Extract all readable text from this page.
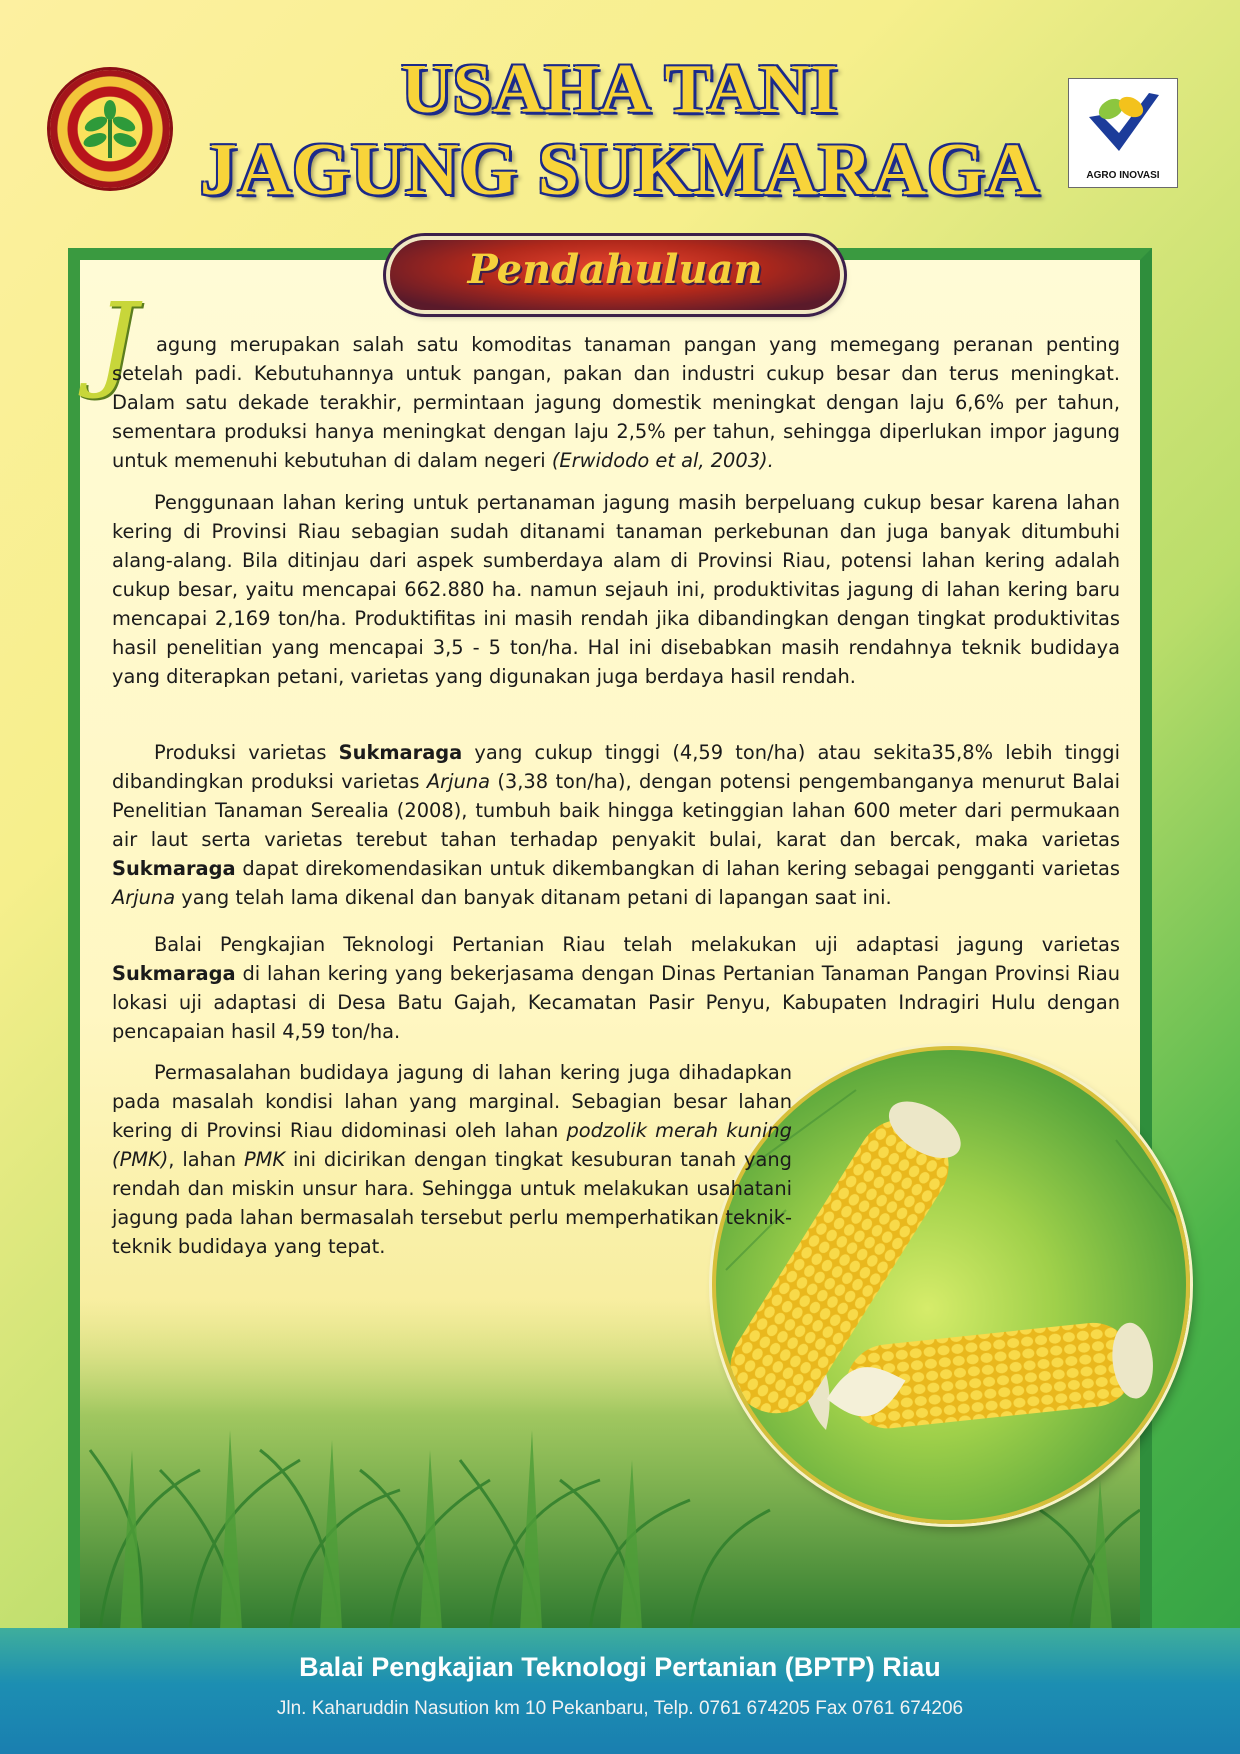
AGRO INOVASI
USAHA TANI
JAGUNG SUKMARAGA
Pendahuluan
J agung merupakan salah satu komoditas tanaman pangan yang memegang peranan penting setelah padi. Kebutuhannya untuk pangan, pakan dan industri cukup besar dan terus meningkat. Dalam satu dekade terakhir, permintaan jagung domestik meningkat dengan laju 6,6% per tahun, sementara produksi hanya meningkat dengan laju 2,5% per tahun, sehingga diperlukan impor jagung untuk memenuhi kebutuhan di dalam negeri (Erwidodo et al, 2003).

Penggunaan lahan kering untuk pertanaman jagung masih berpeluang cukup besar karena lahan kering di Provinsi Riau sebagian sudah ditanami tanaman perkebunan dan juga banyak ditumbuhi alang-alang. Bila ditinjau dari aspek sumberdaya alam di Provinsi Riau, potensi lahan kering adalah cukup besar, yaitu mencapai 662.880 ha. namun sejauh ini, produktivitas jagung di lahan kering baru mencapai 2,169 ton/ha. Produktifitas ini masih rendah jika dibandingkan dengan tingkat produktivitas hasil penelitian yang mencapai 3,5 - 5 ton/ha. Hal ini disebabkan masih rendahnya teknik budidaya yang diterapkan petani, varietas yang digunakan juga berdaya hasil rendah.

Produksi varietas Sukmaraga yang cukup tinggi (4,59 ton/ha) atau sekita35,8% lebih tinggi dibandingkan produksi varietas Arjuna (3,38 ton/ha), dengan potensi pengembanganya menurut Balai Penelitian Tanaman Serealia (2008), tumbuh baik hingga ketinggian lahan 600 meter dari permukaan air laut serta varietas terebut tahan terhadap penyakit bulai, karat dan bercak, maka varietas Sukmaraga dapat direkomendasikan untuk dikembangkan di lahan kering sebagai pengganti varietas Arjuna yang telah lama dikenal dan banyak ditanam petani di lapangan saat ini.

Balai Pengkajian Teknologi Pertanian Riau telah melakukan uji adaptasi jagung varietas Sukmaraga di lahan kering yang bekerjasama dengan Dinas Pertanian Tanaman Pangan Provinsi Riau lokasi uji adaptasi di Desa Batu Gajah, Kecamatan Pasir Penyu, Kabupaten Indragiri Hulu dengan pencapaian hasil 4,59 ton/ha.

Permasalahan budidaya jagung di lahan kering juga dihadapkan pada masalah kondisi lahan yang marginal. Sebagian besar lahan kering di Provinsi Riau didominasi oleh lahan podzolik merah kuning (PMK), lahan PMK ini dicirikan dengan tingkat kesuburan tanah yang rendah dan miskin unsur hara. Sehingga untuk melakukan usahatani jagung pada lahan bermasalah tersebut perlu memperhatikan teknik-teknik budidaya yang tepat.

Balai Pengkajian Teknologi Pertanian (BPTP) Riau
Jln. Kaharuddin Nasution km 10 Pekanbaru, Telp. 0761 674205 Fax 0761 674206
